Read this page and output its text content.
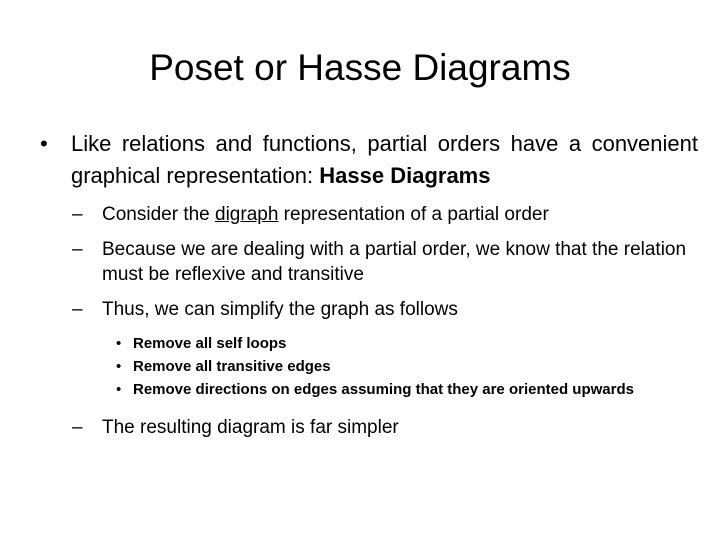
Poset or Hasse Diagrams
• Like relations and functions, partial orders have a convenient graphical representation: Hasse Diagrams
– Consider the digraph representation of a partial order
– Because we are dealing with a partial order, we know that the relation must be reflexive and transitive
– Thus, we can simplify the graph as follows
• Remove all self loops
• Remove all transitive edges
• Remove directions on edges assuming that they are oriented upwards
– The resulting diagram is far simpler
